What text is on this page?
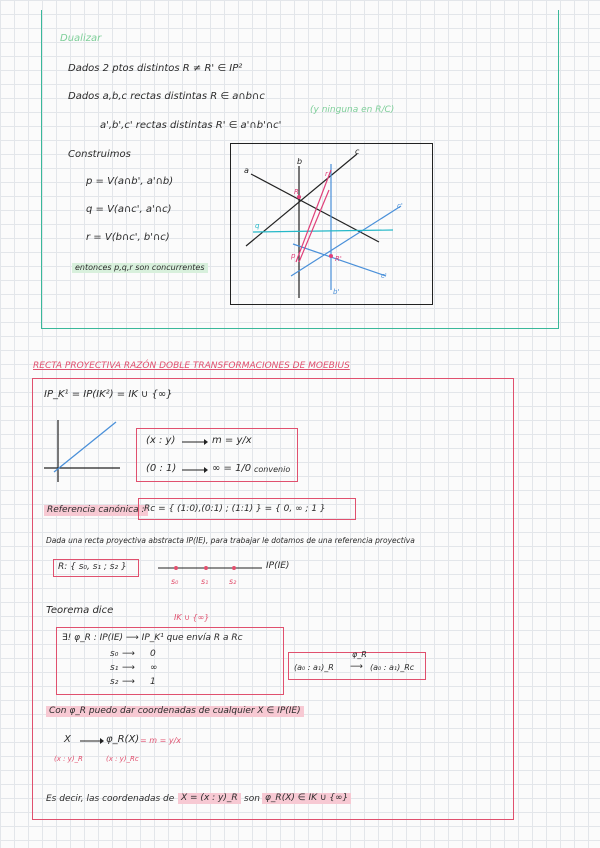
Dualizar
Dados 2 ptos distintos R ≠ R' ∈ IP²
Dados a,b,c rectas distintas R ∈ a∩b∩c
(y ninguna en R/C)
a',b',c' rectas distintas R' ∈ a'∩b'∩c'
Construimos
p = V(a∩b', a'∩b)
q = V(a∩c', a'∩c)
r = V(b∩c', b'∩c)
entonces p,q,r son concurrentes
a
b
c
c'
c'
b'
R
R'
p
q
r
RECTA PROYECTIVA RAZÓN DOBLE TRANSFORMACIONES DE MOEBIUS
IP_K¹ = IP(IK²) = IK ∪ {∞}
(x : y)	m = y/x
(0 : 1)	∞ = 1/0 convenio
Referencia canónica : Rc = { (1:0),(0:1) ; (1:1) } = { 0, ∞ ; 1 }
Dada una recta proyectiva abstracta IP(IE), para trabajar le dotamos de una referencia proyectiva
R: { s₀, s₁ ; s₂ }	IP(IE)
s₀	s₁	s₂
Teorema dice
IK ∪ {∞}
∃! φ_R : IP(IE) ⟶ IP_K¹ que envía R a Rc
s₀ ⟶ 0
s₁ ⟶ ∞
s₂ ⟶ 1
φ_R
(a₀ : a₁)_R ⟶ (a₀ : a₁)_Rc
Con φ_R puedo dar coordenadas de cualquier X ∈ IP(IE)
X	φ_R(X) = m = y/x
(x : y)_R	(x : y)_Rc
Es decir, las coordenadas de X = (x : y)_R son φ_R(X) ∈ IK ∪ {∞}
